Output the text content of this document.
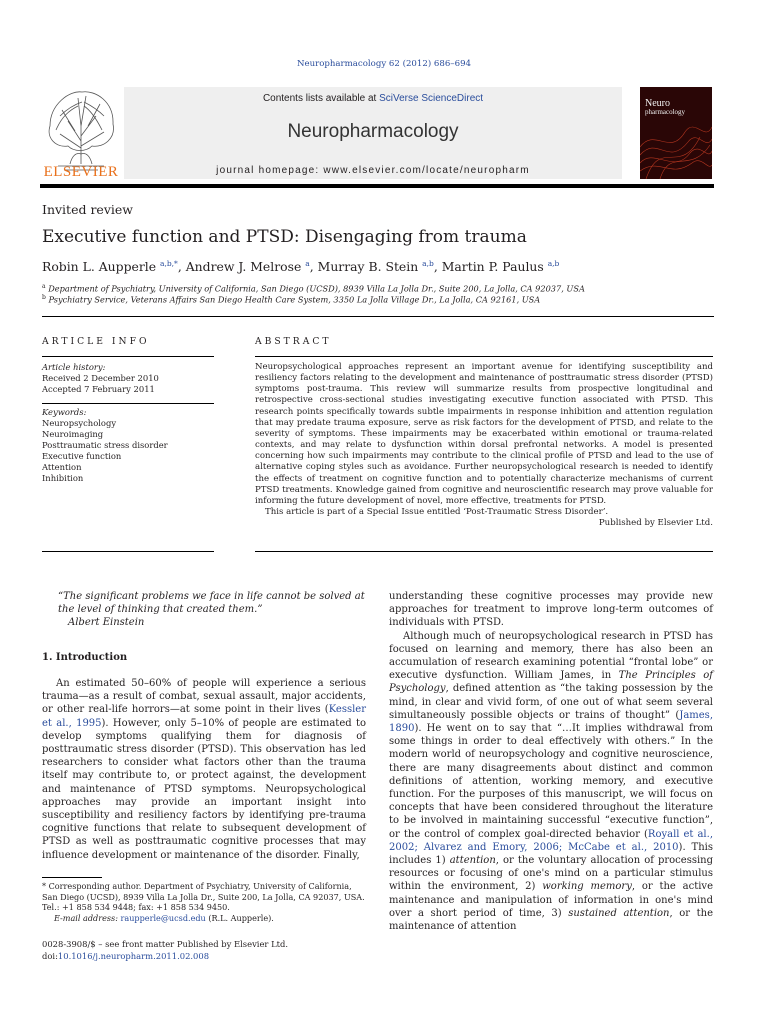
Neuropharmacology 62 (2012) 686–694
ELSEVIER
Contents lists available at SciVerse ScienceDirect
Neuropharmacology
journal homepage: www.elsevier.com/locate/neuropharm
Neuro
pharmacology
Invited review
Executive function and PTSD: Disengaging from trauma
Robin L. Aupperle $^{a,b,*}$, Andrew J. Melrose $^a$, Murray B. Stein $^{a,b}$, Martin P. Paulus $^{a,b}$
$^a$ Department of Psychiatry, University of California, San Diego (UCSD), 8939 Villa La Jolla Dr., Suite 200, La Jolla, CA 92037, USA
$^b$ Psychiatry Service, Veterans Affairs San Diego Health Care System, 3350 La Jolla Village Dr., La Jolla, CA 92161, USA
ARTICLE INFO
Article history:
Received 2 December 2010
Accepted 7 February 2011
Keywords:
Neuropsychology
Neuroimaging
Posttraumatic stress disorder
Executive function
Attention
Inhibition
ABSTRACT

Neuropsychological approaches represent an important avenue for identifying susceptibility and resiliency factors relating to the development and maintenance of posttraumatic stress disorder (PTSD) symptoms post-trauma. This review will summarize results from prospective longitudinal and retrospective cross-sectional studies investigating executive function associated with PTSD. This research points specifically towards subtle impairments in response inhibition and attention regulation that may predate trauma exposure, serve as risk factors for the development of PTSD, and relate to the severity of symptoms. These impairments may be exacerbated within emotional or trauma-related contexts, and may relate to dysfunction within dorsal prefrontal networks. A model is presented concerning how such impairments may contribute to the clinical profile of PTSD and lead to the use of alternative coping styles such as avoidance. Further neuropsychological research is needed to identify the effects of treatment on cognitive function and to potentially characterize mechanisms of current PTSD treatments. Knowledge gained from cognitive and neuroscientific research may prove valuable for informing the future development of novel, more effective, treatments for PTSD.

This article is part of a Special Issue entitled ‘Post-Traumatic Stress Disorder’.

Published by Elsevier Ltd.

“The significant problems we face in life cannot be solved at the level of thinking that created them.”
Albert Einstein
1. Introduction

An estimated 50–60% of people will experience a serious trauma—as a result of combat, sexual assault, major accidents, or other real-life horrors—at some point in their lives (Kessler et al., 1995). However, only 5–10% of people are estimated to develop symptoms qualifying them for diagnosis of posttraumatic stress disorder (PTSD). This observation has led researchers to consider what factors other than the trauma itself may contribute to, or protect against, the development and maintenance of PTSD symptoms. Neuropsychological approaches may provide an important insight into susceptibility and resiliency factors by identifying pre-trauma cognitive functions that relate to subsequent development of PTSD as well as posttraumatic cognitive processes that may influence development or maintenance of the disorder. Finally,

understanding these cognitive processes may provide new approaches for treatment to improve long-term outcomes of individuals with PTSD.

Although much of neuropsychological research in PTSD has focused on learning and memory, there has also been an accumulation of research examining potential “frontal lobe” or executive dysfunction. William James, in The Principles of Psychology, defined attention as “the taking possession by the mind, in clear and vivid form, of one out of what seem several simultaneously possible objects or trains of thought” (James, 1890). He went on to say that “…It implies withdrawal from some things in order to deal effectively with others.” In the modern world of neuropsychology and cognitive neuroscience, there are many disagreements about distinct and common definitions of attention, working memory, and executive function. For the purposes of this manuscript, we will focus on concepts that have been considered throughout the literature to be involved in maintaining successful “executive function”, or the control of complex goal-directed behavior (Royall et al., 2002; Alvarez and Emory, 2006; McCabe et al., 2010). This includes 1) attention, or the voluntary allocation of processing resources or focusing of one's mind on a particular stimulus within the environment, 2) working memory, or the active maintenance and manipulation of information in one's mind over a short period of time, 3) sustained attention, or the maintenance of attention

* Corresponding author. Department of Psychiatry, University of California, San Diego (UCSD), 8939 Villa La Jolla Dr., Suite 200, La Jolla, CA 92037, USA. Tel.: +1 858 534 9448; fax: +1 858 534 9450.
E-mail address: raupperle@ucsd.edu (R.L. Aupperle).
0028-3908/$ – see front matter Published by Elsevier Ltd.
doi:10.1016/j.neuropharm.2011.02.008
